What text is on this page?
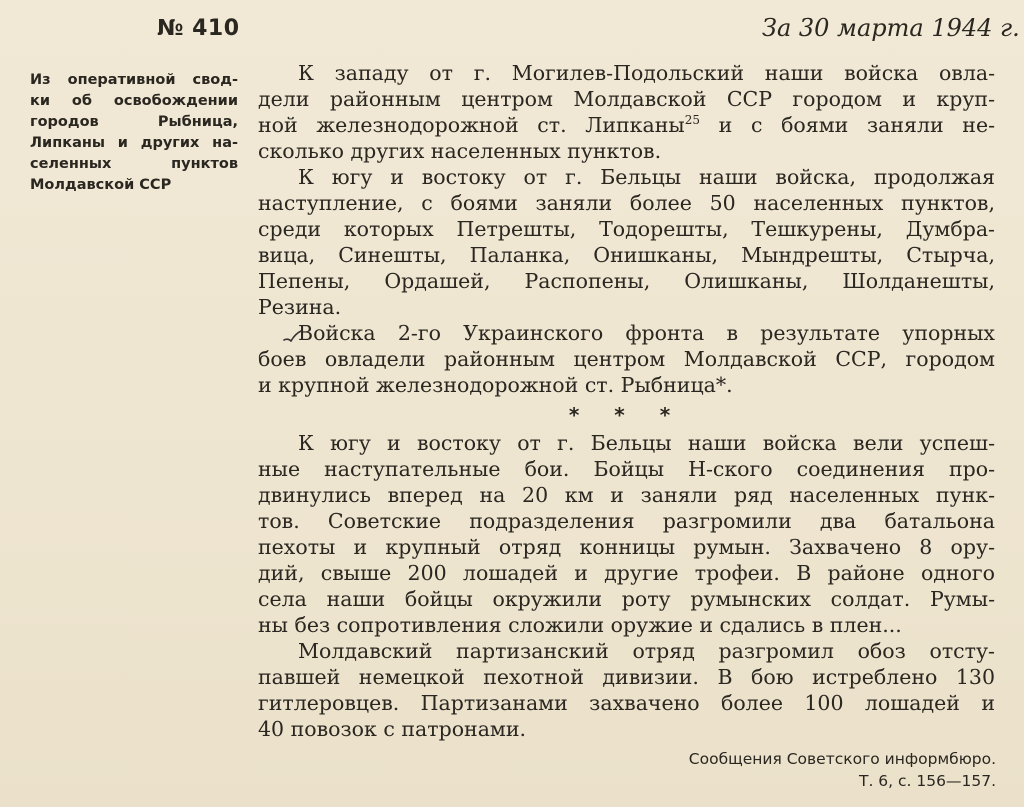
№ 410	За 30 марта 1944 г.
Из оперативной свод-
ки об освобождении
городов Рыбница,
Липканы и других на-
селенных пунктов
Молдавской ССР
К западу от г. Могилев-Подольский наши войска овла-
дели районным центром Молдавской ССР городом и круп-
ной железнодорожной ст. Липканы$^{25}$ и с боями заняли не-
сколько других населенных пунктов.
К югу и востоку от г. Бельцы наши войска, продолжая
наступление, с боями заняли более 50 населенных пунктов,
среди которых Петрешты, Тодорешты, Тешкурены, Думбра-
вица, Синешты, Паланка, Онишканы, Мындрешты, Стырча,
Пепены, Ордашей, Распопены, Олишканы, Шолданешты,
Резина.
Войска 2-го Украинского фронта в результате упорных
боев овладели районным центром Молдавской ССР, городом
и крупной железнодорожной ст. Рыбница*.
* * *
К югу и востоку от г. Бельцы наши войска вели успеш-
ные наступательные бои. Бойцы Н-ского соединения про-
двинулись вперед на 20 км и заняли ряд населенных пунк-
тов. Советские подразделения разгромили два батальона
пехоты и крупный отряд конницы румын. Захвачено 8 ору-
дий, свыше 200 лошадей и другие трофеи. В районе одного
села наши бойцы окружили роту румынских солдат. Румы-
ны без сопротивления сложили оружие и сдались в плен...
Молдавский партизанский отряд разгромил обоз отсту-
павшей немецкой пехотной дивизии. В бою истреблено 130
гитлеровцев. Партизанами захвачено более 100 лошадей и
40 повозок с патронами.
Сообщения Советского информбюро.
Т. 6, с. 156—157.
